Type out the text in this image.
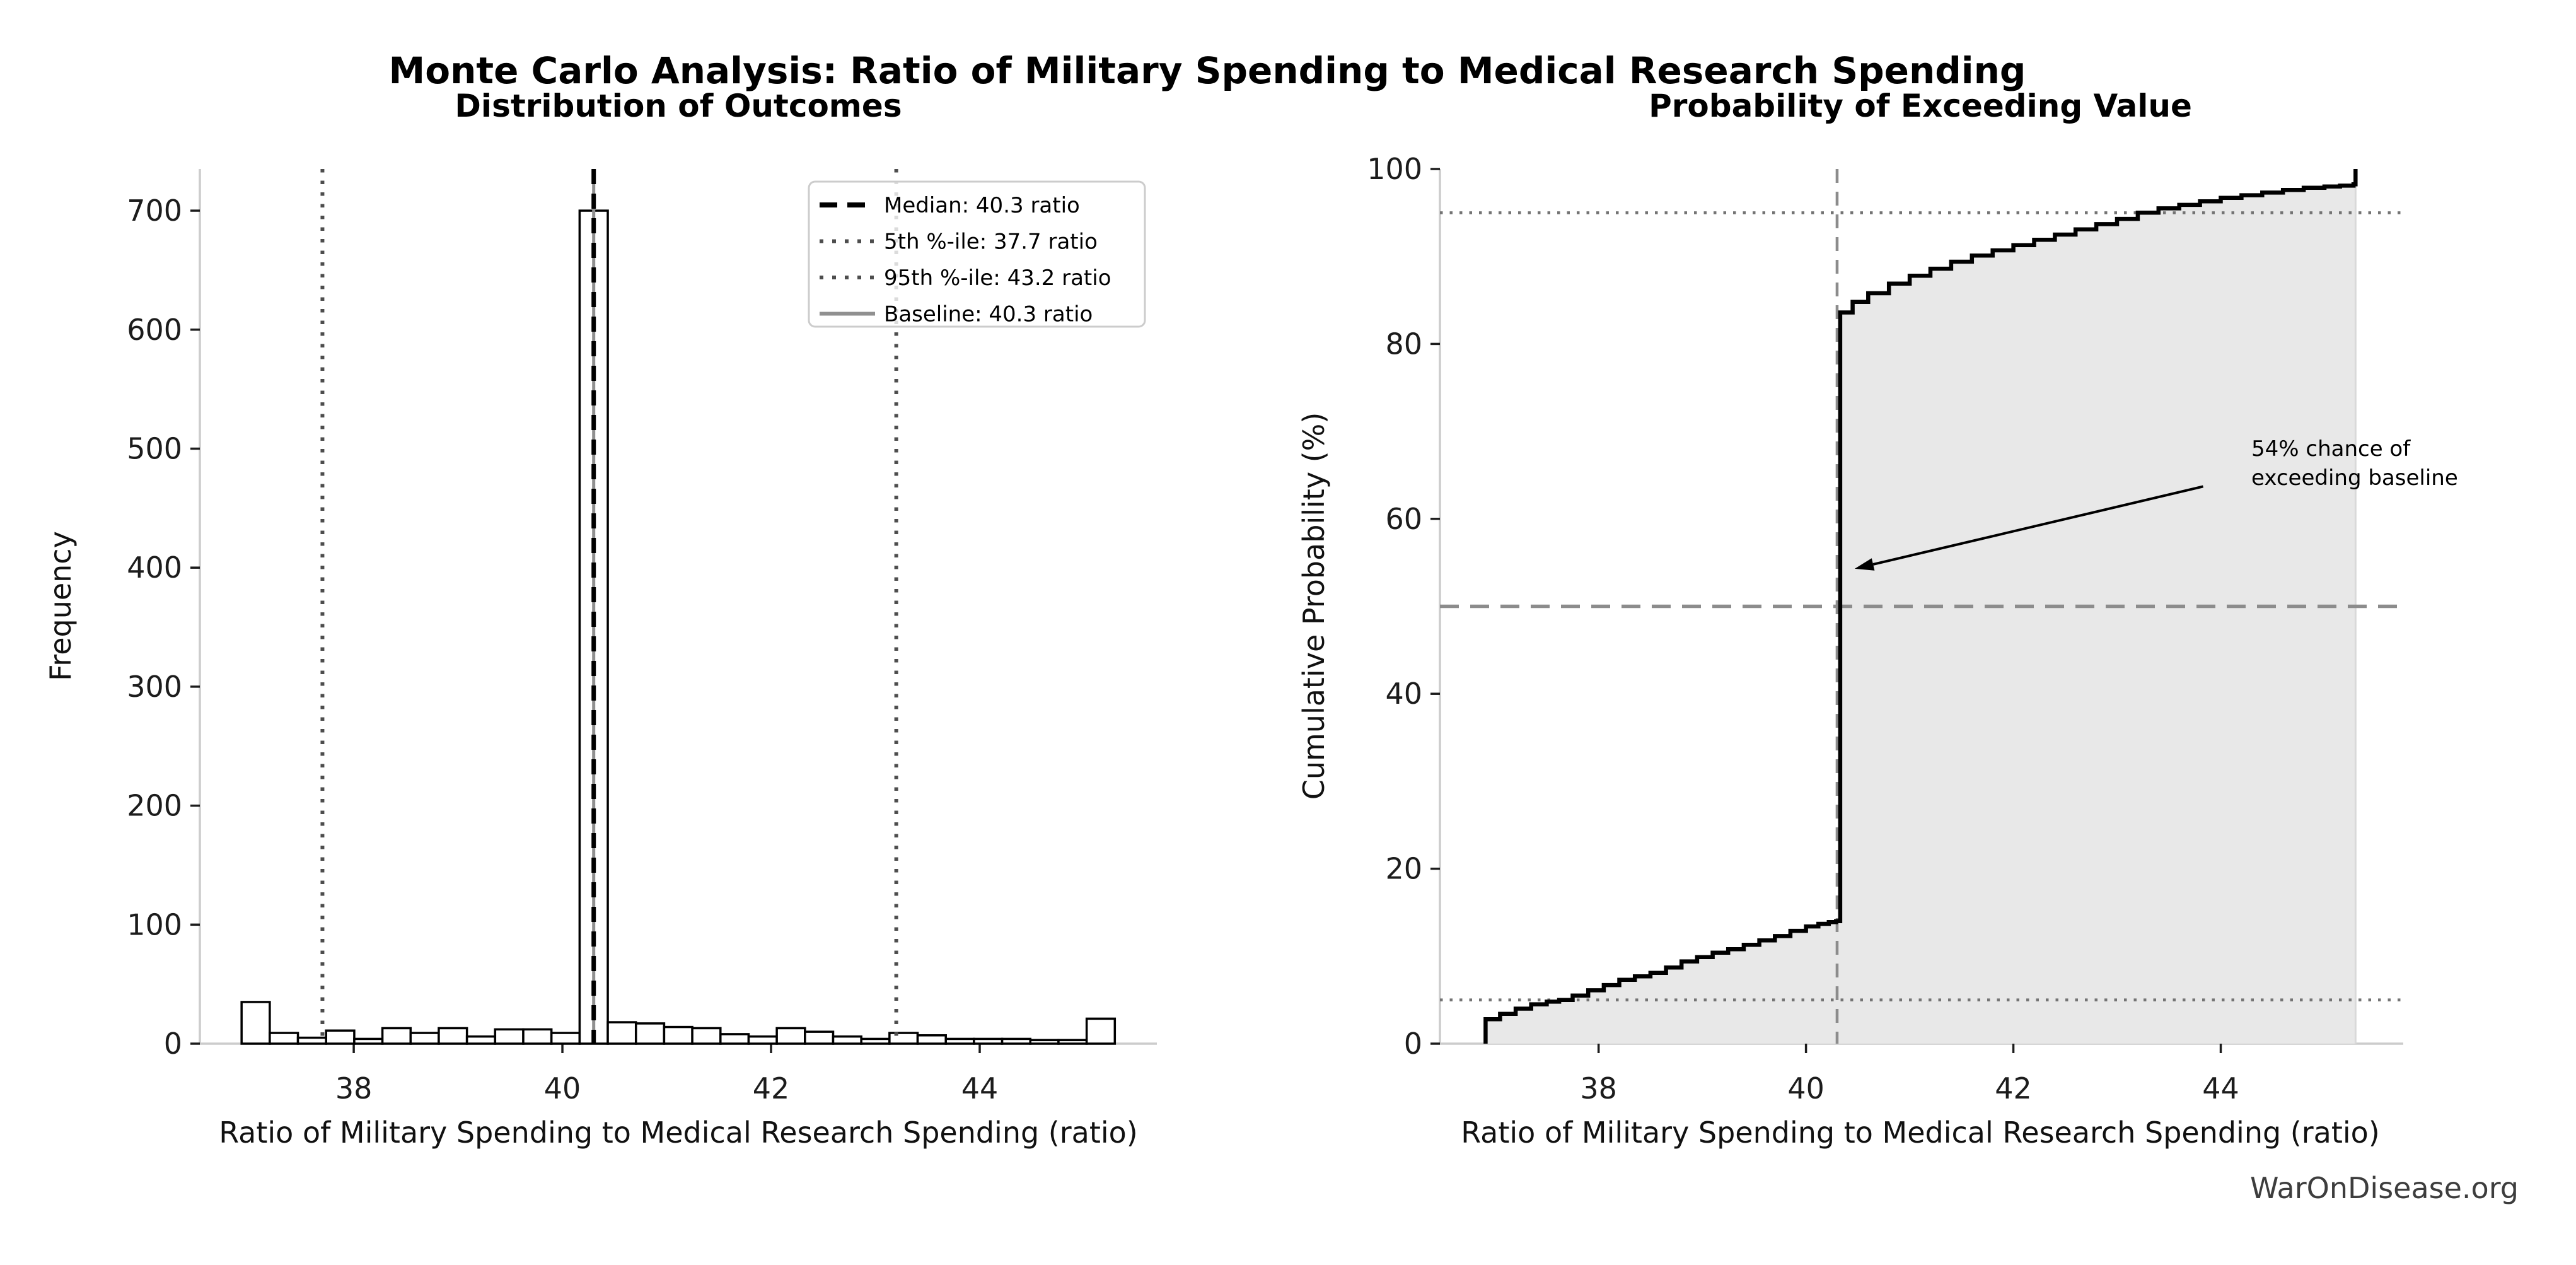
Monte Carlo Analysis: Ratio of Military Spending to Medical Research Spending
Distribution of Outcomes
0
100
200
300
400
500
600
700
38	40	42	44
Median: 40.3 ratio
5th %-ile: 37.7 ratio
95th %-ile: 43.2 ratio
Baseline: 40.3 ratio
Ratio of Military Spending to Medical Research Spending (ratio)
Frequency
Probability of Exceeding Value
0
20
40
60
80
100
38	40	42	44
Ratio of Military Spending to Medical Research Spending (ratio)
Cumulative Probability (%)	54% chance of
exceeding baseline
WarOnDisease.org
